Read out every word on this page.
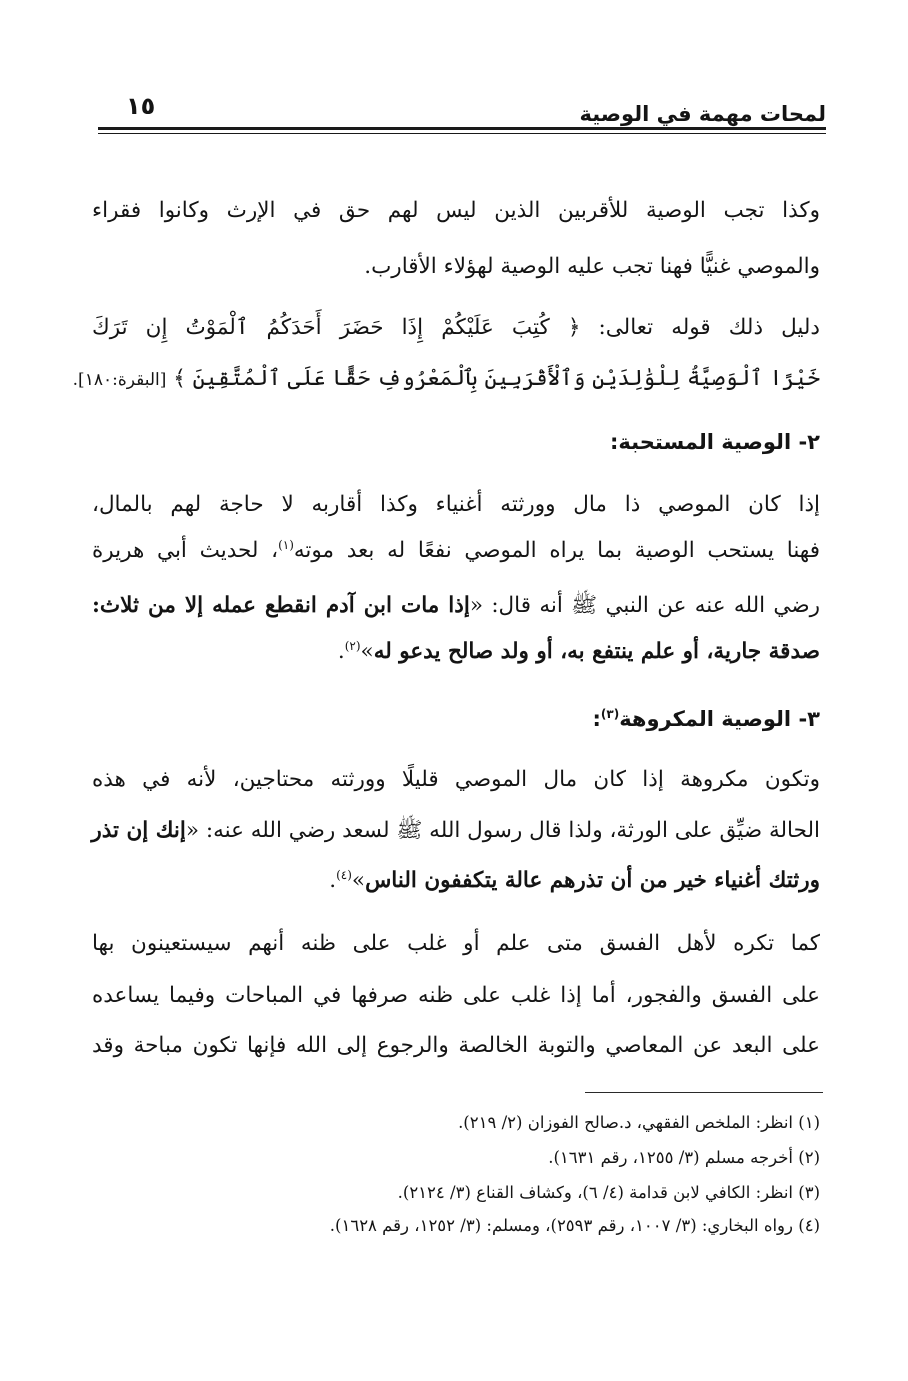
لمحات مهمة في الوصية
١٥
وكذا تجب الوصية للأقربين الذين ليس لهم حق في الإرث وكانوا فقراء
والموصي غنيًّا فهنا تجب عليه الوصية لهؤلاء الأقارب.
دليل ذلك قوله تعالى: ﴿ كُتِبَ عَلَيْكُمْ إِذَا حَضَرَ أَحَدَكُمُ ٱلْمَوْتُ إِن تَرَكَ
خَيْرًا ٱلْوَصِيَّةُ لِلْوَٰلِدَيْنِ وَٱلْأَقْرَبِينَ بِٱلْمَعْرُوفِ حَقًّا عَلَى ٱلْمُتَّقِينَ ﴾ [البقرة:١٨٠].
٢- الوصية المستحبة:
إذا كان الموصي ذا مال وورثته أغنياء وكذا أقاربه لا حاجة لهم بالمال،
فهنا يستحب الوصية بما يراه الموصي نفعًا له بعد موته$^{(١)}$، لحديث أبي هريرة
رضي الله عنه عن النبي ﷺ أنه قال: «إذا مات ابن آدم انقطع عمله إلا من ثلاث:
صدقة جارية، أو علم ينتفع به، أو ولد صالح يدعو له»$^{(٢)}$.
٣- الوصية المكروهة$^{(٣)}$:
وتكون مكروهة إذا كان مال الموصي قليلًا وورثته محتاجين، لأنه في هذه
الحالة ضيِّق على الورثة، ولذا قال رسول الله ﷺ لسعد رضي الله عنه: «إنك إن تذر
ورثتك أغنياء خير من أن تذرهم عالة يتكففون الناس»$^{(٤)}$.
كما تكره لأهل الفسق متى علم أو غلب على ظنه أنهم سيستعينون بها
على الفسق والفجور، أما إذا غلب على ظنه صرفها في المباحات وفيما يساعده
على البعد عن المعاصي والتوبة الخالصة والرجوع إلى الله فإنها تكون مباحة وقد
(١) انظر: الملخص الفقهي، د.صالح الفوزان (٢/ ٢١٩).
(٢) أخرجه مسلم (٣/ ١٢٥٥، رقم ١٦٣١).
(٣) انظر: الكافي لابن قدامة (٤/ ٦)، وكشاف القناع (٣/ ٢١٢٤).
(٤) رواه البخاري: (٣/ ١٠٠٧، رقم ٢٥٩٣)، ومسلم: (٣/ ١٢٥٢، رقم ١٦٢٨).
